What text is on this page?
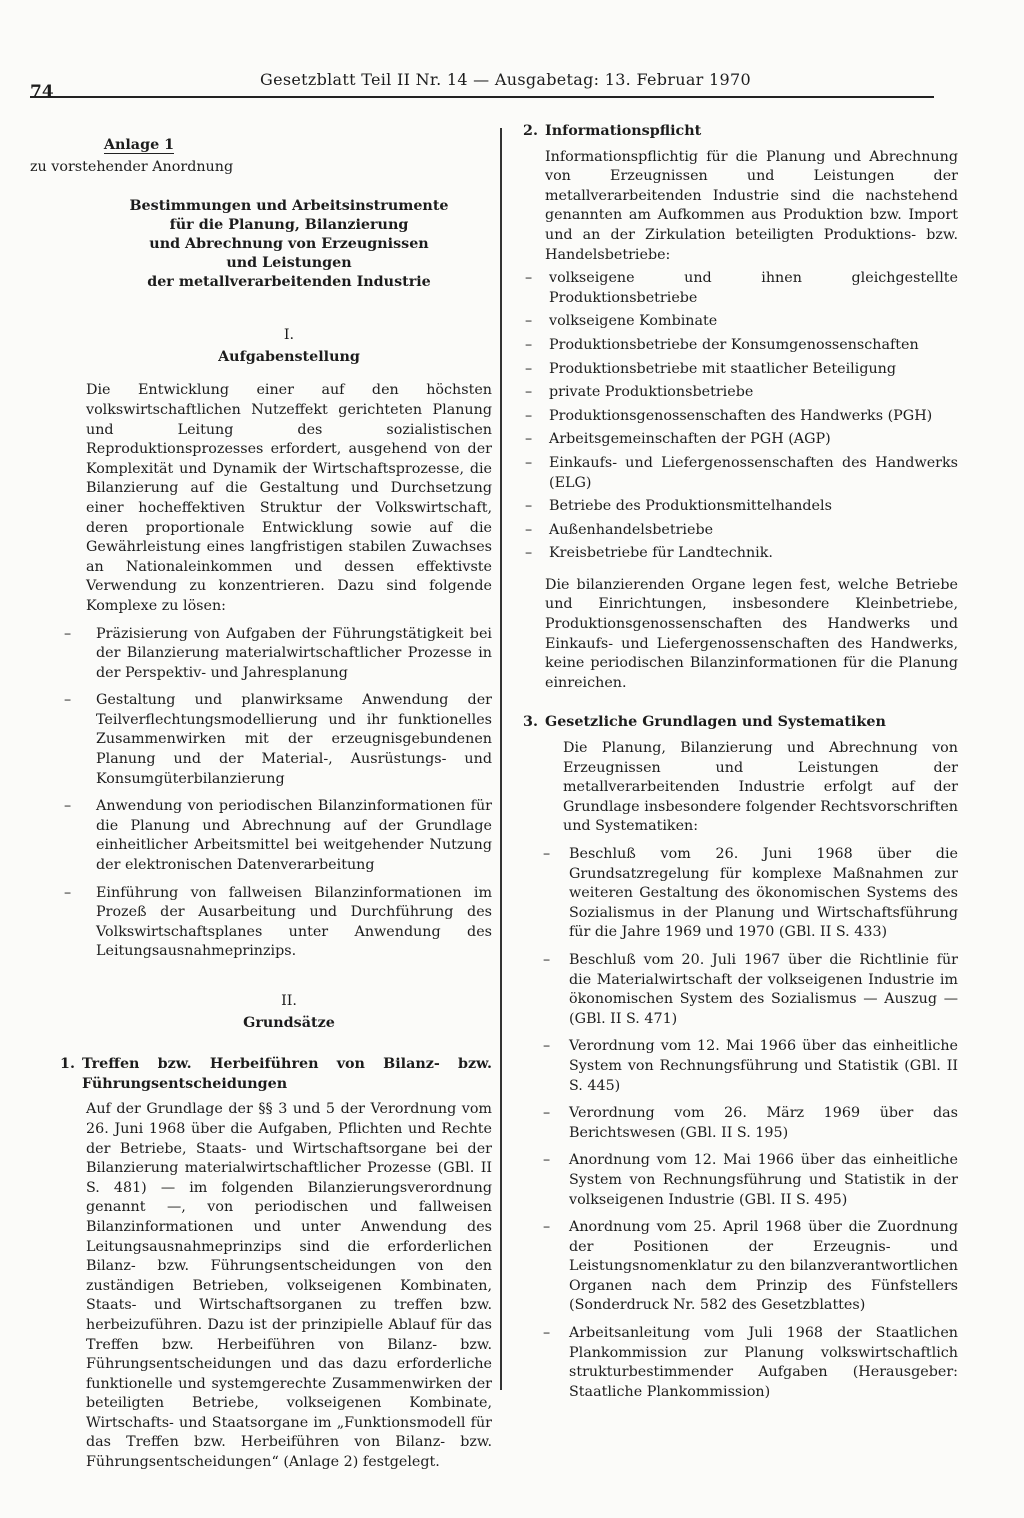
74
Gesetzblatt Teil II Nr. 14 — Ausgabetag: 13. Februar 1970
Anlage 1
zu vorstehender Anordnung
Bestimmungen und Arbeitsinstrumente
für die Planung, Bilanzierung
und Abrechnung von Erzeugnissen
und Leistungen
der metallverarbeitenden Industrie
I.
Aufgabenstellung

Die Entwicklung einer auf den höchsten volkswirtschaftlichen Nutzeffekt gerichteten Planung und Leitung des sozialistischen Reproduktionsprozesses erfordert, ausgehend von der Komplexität und Dynamik der Wirtschaftsprozesse, die Bilanzierung auf die Gestaltung und Durchsetzung einer hocheffektiven Struktur der Volkswirtschaft, deren proportionale Entwicklung sowie auf die Gewährleistung eines langfristigen stabilen Zuwachses an Nationaleinkommen und dessen effektivste Verwendung zu konzentrieren. Dazu sind folgende Komplexe zu lösen:

– Präzisierung von Aufgaben der Führungstätigkeit bei der Bilanzierung materialwirtschaftlicher Prozesse in der Perspektiv- und Jahresplanung
– Gestaltung und planwirksame Anwendung der Teilverflechtungsmodellierung und ihr funktionelles Zusammenwirken mit der erzeugnisgebundenen Planung und der Material-, Ausrüstungs- und Konsumgüterbilanzierung
– Anwendung von periodischen Bilanzinformationen für die Planung und Abrechnung auf der Grundlage einheitlicher Arbeitsmittel bei weitgehender Nutzung der elektronischen Datenverarbeitung
– Einführung von fallweisen Bilanzinformationen im Prozeß der Ausarbeitung und Durchführung des Volkswirtschaftsplanes unter Anwendung des Leitungsausnahmeprinzips.
II.
Grundsätze
1. Treffen bzw. Herbeiführen von Bilanz- bzw. Führungsentscheidungen

Auf der Grundlage der §§ 3 und 5 der Verordnung vom 26. Juni 1968 über die Aufgaben, Pflichten und Rechte der Betriebe, Staats- und Wirtschaftsorgane bei der Bilanzierung materialwirtschaftlicher Prozesse (GBl. II S. 481) — im folgenden Bilanzierungsverordnung genannt —, von periodischen und fallweisen Bilanzinformationen und unter Anwendung des Leitungsausnahmeprinzips sind die erforderlichen Bilanz- bzw. Führungsentscheidungen von den zuständigen Betrieben, volkseigenen Kombinaten, Staats- und Wirtschaftsorganen zu treffen bzw. herbeizuführen. Dazu ist der prinzipielle Ablauf für das Treffen bzw. Herbeiführen von Bilanz- bzw. Führungsentscheidungen und das dazu erforderliche funktionelle und systemgerechte Zusammenwirken der beteiligten Betriebe, volkseigenen Kombinate, Wirtschafts- und Staatsorgane im „Funktionsmodell für das Treffen bzw. Herbeiführen von Bilanz- bzw. Führungsentscheidungen“ (Anlage 2) festgelegt.

2. Informationspflicht

Informationspflichtig für die Planung und Abrechnung von Erzeugnissen und Leistungen der metallverarbeitenden Industrie sind die nachstehend genannten am Aufkommen aus Produktion bzw. Import und an der Zirkulation beteiligten Produktions- bzw. Handelsbetriebe:

– volkseigene und ihnen gleichgestellte Produktionsbetriebe
– volkseigene Kombinate
– Produktionsbetriebe der Konsumgenossenschaften
– Produktionsbetriebe mit staatlicher Beteiligung
– private Produktionsbetriebe
– Produktionsgenossenschaften des Handwerks (PGH)
– Arbeitsgemeinschaften der PGH (AGP)
– Einkaufs- und Liefergenossenschaften des Handwerks (ELG)
– Betriebe des Produktionsmittelhandels
– Außenhandelsbetriebe
– Kreisbetriebe für Landtechnik.

Die bilanzierenden Organe legen fest, welche Betriebe und Einrichtungen, insbesondere Kleinbetriebe, Produktionsgenossenschaften des Handwerks und Einkaufs- und Liefergenossenschaften des Handwerks, keine periodischen Bilanzinformationen für die Planung einreichen.

3. Gesetzliche Grundlagen und Systematiken

Die Planung, Bilanzierung und Abrechnung von Erzeugnissen und Leistungen der metallverarbeitenden Industrie erfolgt auf der Grundlage insbesondere folgender Rechtsvorschriften und Systematiken:

– Beschluß vom 26. Juni 1968 über die Grundsatzregelung für komplexe Maßnahmen zur weiteren Gestaltung des ökonomischen Systems des Sozialismus in der Planung und Wirtschaftsführung für die Jahre 1969 und 1970 (GBl. II S. 433)
– Beschluß vom 20. Juli 1967 über die Richtlinie für die Materialwirtschaft der volkseigenen Industrie im ökonomischen System des Sozialismus — Auszug — (GBl. II S. 471)
– Verordnung vom 12. Mai 1966 über das einheitliche System von Rechnungsführung und Statistik (GBl. II S. 445)
– Verordnung vom 26. März 1969 über das Berichtswesen (GBl. II S. 195)
– Anordnung vom 12. Mai 1966 über das einheitliche System von Rechnungsführung und Statistik in der volkseigenen Industrie (GBl. II S. 495)
– Anordnung vom 25. April 1968 über die Zuordnung der Positionen der Erzeugnis- und Leistungsnomenklatur zu den bilanzverantwortlichen Organen nach dem Prinzip des Fünfstellers (Sonderdruck Nr. 582 des Gesetzblattes)
– Arbeitsanleitung vom Juli 1968 der Staatlichen Plankommission zur Planung volkswirtschaftlich strukturbestimmender Aufgaben (Herausgeber: Staatliche Plankommission)
